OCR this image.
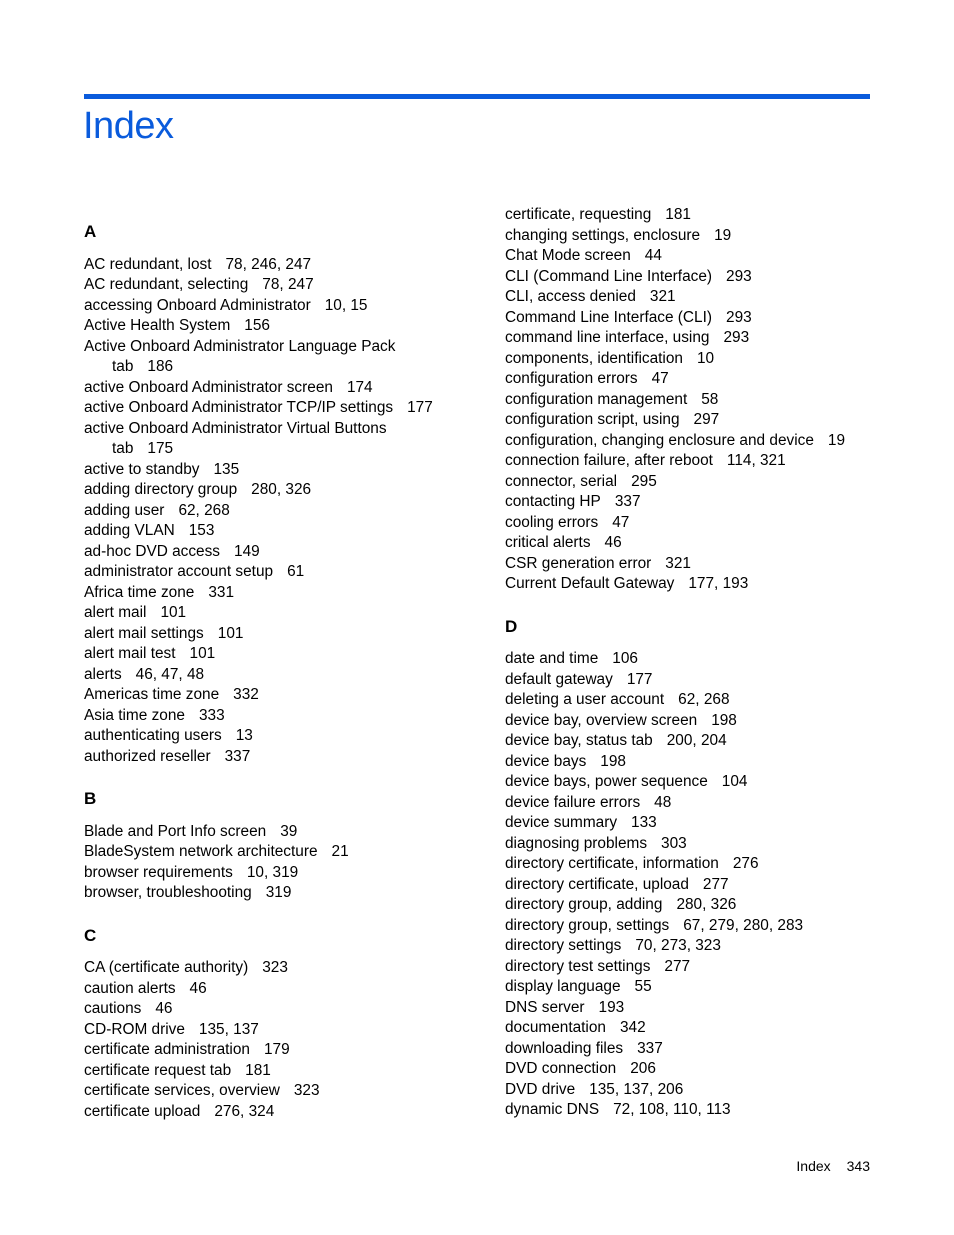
Index
A
AC redundant, lost 78, 246, 247
AC redundant, selecting 78, 247
accessing Onboard Administrator 10, 15
Active Health System 156
Active Onboard Administrator Language Pack
tab 186
active Onboard Administrator screen 174
active Onboard Administrator TCP/IP settings 177
active Onboard Administrator Virtual Buttons
tab 175
active to standby 135
adding directory group 280, 326
adding user 62, 268
adding VLAN 153
ad-hoc DVD access 149
administrator account setup 61
Africa time zone 331
alert mail 101
alert mail settings 101
alert mail test 101
alerts 46, 47, 48
Americas time zone 332
Asia time zone 333
authenticating users 13
authorized reseller 337
B
Blade and Port Info screen 39
BladeSystem network architecture 21
browser requirements 10, 319
browser, troubleshooting 319
C
CA (certificate authority) 323
caution alerts 46
cautions 46
CD-ROM drive 135, 137
certificate administration 179
certificate request tab 181
certificate services, overview 323
certificate upload 276, 324
certificate, requesting 181
changing settings, enclosure 19
Chat Mode screen 44
CLI (Command Line Interface) 293
CLI, access denied 321
Command Line Interface (CLI) 293
command line interface, using 293
components, identification 10
configuration errors 47
configuration management 58
configuration script, using 297
configuration, changing enclosure and device 19
connection failure, after reboot 114, 321
connector, serial 295
contacting HP 337
cooling errors 47
critical alerts 46
CSR generation error 321
Current Default Gateway 177, 193
D
date and time 106
default gateway 177
deleting a user account 62, 268
device bay, overview screen 198
device bay, status tab 200, 204
device bays 198
device bays, power sequence 104
device failure errors 48
device summary 133
diagnosing problems 303
directory certificate, information 276
directory certificate, upload 277
directory group, adding 280, 326
directory group, settings 67, 279, 280, 283
directory settings 70, 273, 323
directory test settings 277
display language 55
DNS server 193
documentation 342
downloading files 337
DVD connection 206
DVD drive 135, 137, 206
dynamic DNS 72, 108, 110, 113
Index 343
